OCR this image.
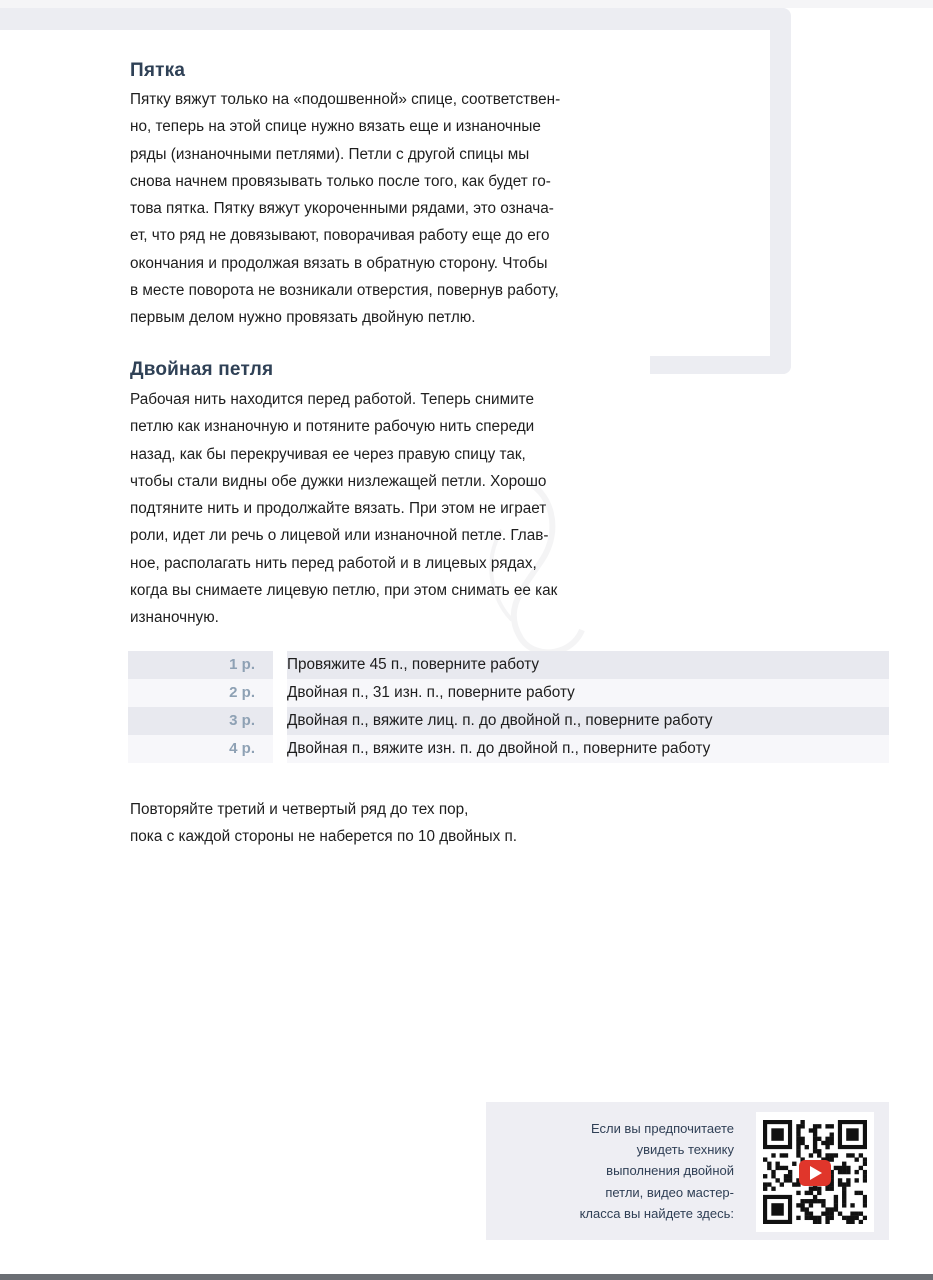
Пятка
Пятку вяжут только на «подошвенной» спице, соответствен-
но, теперь на этой спице нужно вязать еще и изнаночные
ряды (изнаночными петлями). Петли с другой спицы мы
снова начнем провязывать только после того, как будет го-
това пятка. Пятку вяжут укороченными рядами, это означа-
ет, что ряд не довязывают, поворачивая работу еще до его
окончания и продолжая вязать в обратную сторону. Чтобы
в месте поворота не возникали отверстия, повернув работу,
первым делом нужно провязать двойную петлю.
Двойная петля
Рабочая нить находится перед работой. Теперь снимите
петлю как изнаночную и потяните рабочую нить спереди
назад, как бы перекручивая ее через правую спицу так,
чтобы стали видны обе дужки низлежащей петли. Хорошо
подтяните нить и продолжайте вязать. При этом не играет
роли, идет ли речь о лицевой или изнаночной петле. Глав-
ное, располагать нить перед работой и в лицевых рядах,
когда вы снимаете лицевую петлю, при этом снимать ее как
изнаночную.
1 р.	Провяжите 45 п., поверните работу
2 р.	Двойная п., 31 изн. п., поверните работу
3 р.	Двойная п., вяжите лиц. п. до двойной п., поверните работу
4 р.	Двойная п., вяжите изн. п. до двойной п., поверните работу
Повторяйте третий и четвертый ряд до тех пор,
пока с каждой стороны не наберется по 10 двойных п.
Если вы предпочитаете
увидеть технику
выполнения двойной
петли, видео мастер-
класса вы найдете здесь:
